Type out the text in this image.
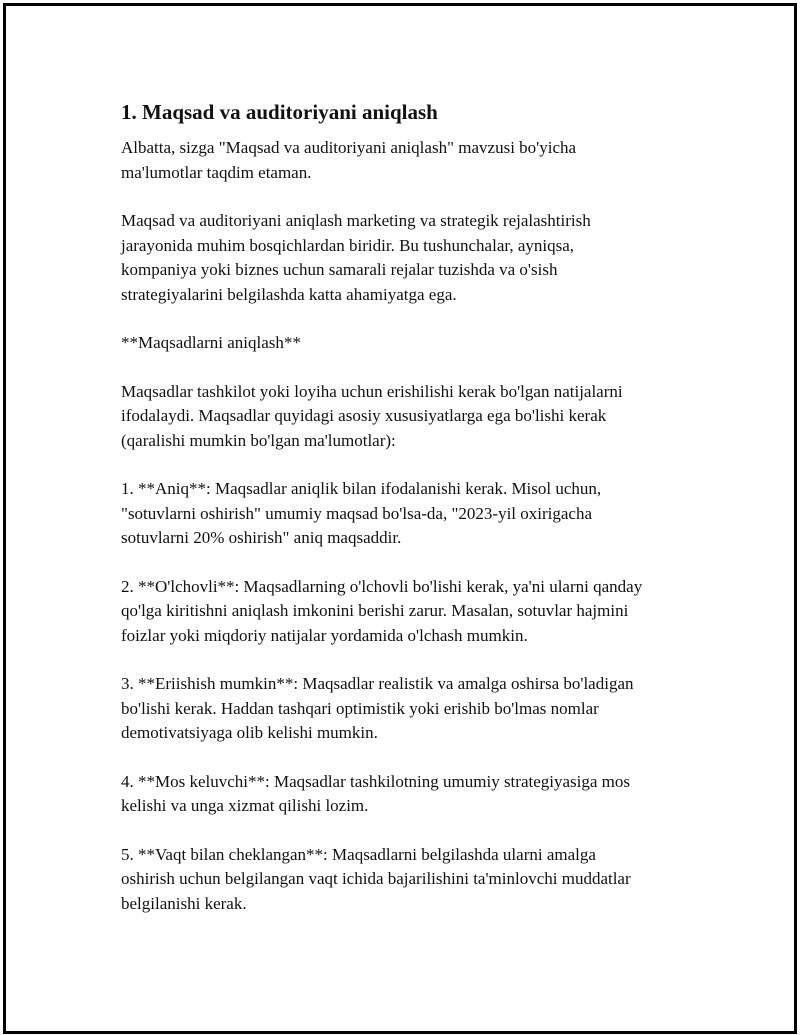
1. Maqsad va auditoriyani aniqlash

Albatta, sizga "Maqsad va auditoriyani aniqlash" mavzusi bo'yicha
ma'lumotlar taqdim etaman.

Maqsad va auditoriyani aniqlash marketing va strategik rejalashtirish
jarayonida muhim bosqichlardan biridir. Bu tushunchalar, ayniqsa,
kompaniya yoki biznes uchun samarali rejalar tuzishda va o'sish
strategiyalarini belgilashda katta ahamiyatga ega.

**Maqsadlarni aniqlash**

Maqsadlar tashkilot yoki loyiha uchun erishilishi kerak bo'lgan natijalarni
ifodalaydi. Maqsadlar quyidagi asosiy xususiyatlarga ega bo'lishi kerak
(qaralishi mumkin bo'lgan ma'lumotlar):

1. **Aniq**: Maqsadlar aniqlik bilan ifodalanishi kerak. Misol uchun,
"sotuvlarni oshirish" umumiy maqsad bo'lsa-da, "2023-yil oxirigacha
sotuvlarni 20% oshirish" aniq maqsaddir.

2. **O'lchovli**: Maqsadlarning o'lchovli bo'lishi kerak, ya'ni ularni qanday
qo'lga kiritishni aniqlash imkonini berishi zarur. Masalan, sotuvlar hajmini
foizlar yoki miqdoriy natijalar yordamida o'lchash mumkin.

3. **Eriishish mumkin**: Maqsadlar realistik va amalga oshirsa bo'ladigan
bo'lishi kerak. Haddan tashqari optimistik yoki erishib bo'lmas nomlar
demotivatsiyaga olib kelishi mumkin.

4. **Mos keluvchi**: Maqsadlar tashkilotning umumiy strategiyasiga mos
kelishi va unga xizmat qilishi lozim.

5. **Vaqt bilan cheklangan**: Maqsadlarni belgilashda ularni amalga
oshirish uchun belgilangan vaqt ichida bajarilishini ta'minlovchi muddatlar
belgilanishi kerak.
